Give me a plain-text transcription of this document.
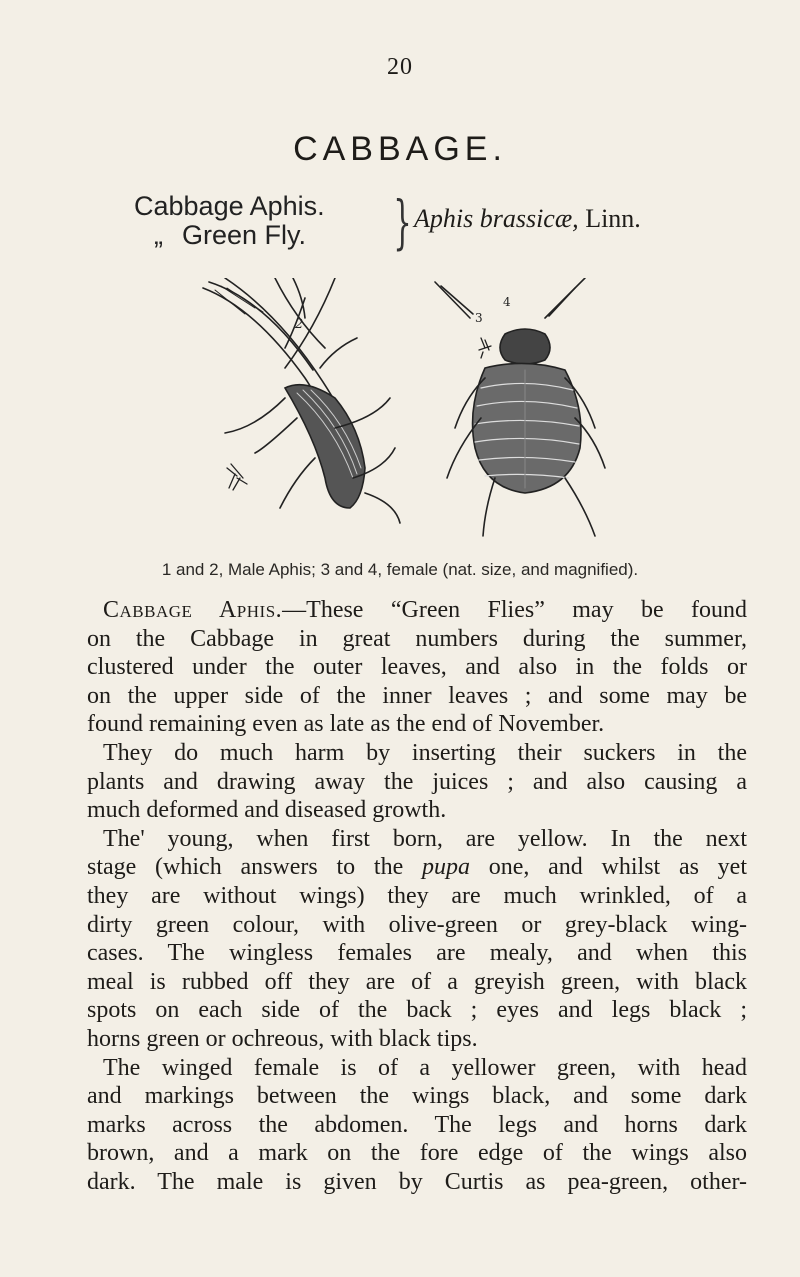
20
CABBAGE.
Cabbage Aphis.
„ Green Fly.	} Aphis brassicæ, Linn.
2	3
4
1 and 2, Male Aphis; 3 and 4, female (nat. size, and magnified).
Cabbage Aphis.—These “Green Flies” may be found
on the Cabbage in great numbers during the summer,
clustered under the outer leaves, and also in the folds or
on the upper side of the inner leaves ; and some may be
found remaining even as late as the end of November.
They do much harm by inserting their suckers in the
plants and drawing away the juices ; and also causing a
much deformed and diseased growth.
The' young, when first born, are yellow. In the next
stage (which answers to the pupa one, and whilst as yet
they are without wings) they are much wrinkled, of a
dirty green colour, with olive-green or grey-black wing-
cases. The wingless females are mealy, and when this
meal is rubbed off they are of a greyish green, with black
spots on each side of the back ; eyes and legs black ;
horns green or ochreous, with black tips.
The winged female is of a yellower green, with head
and markings between the wings black, and some dark
marks across the abdomen. The legs and horns dark
brown, and a mark on the fore edge of the wings also
dark. The male is given by Curtis as pea-green, other-
